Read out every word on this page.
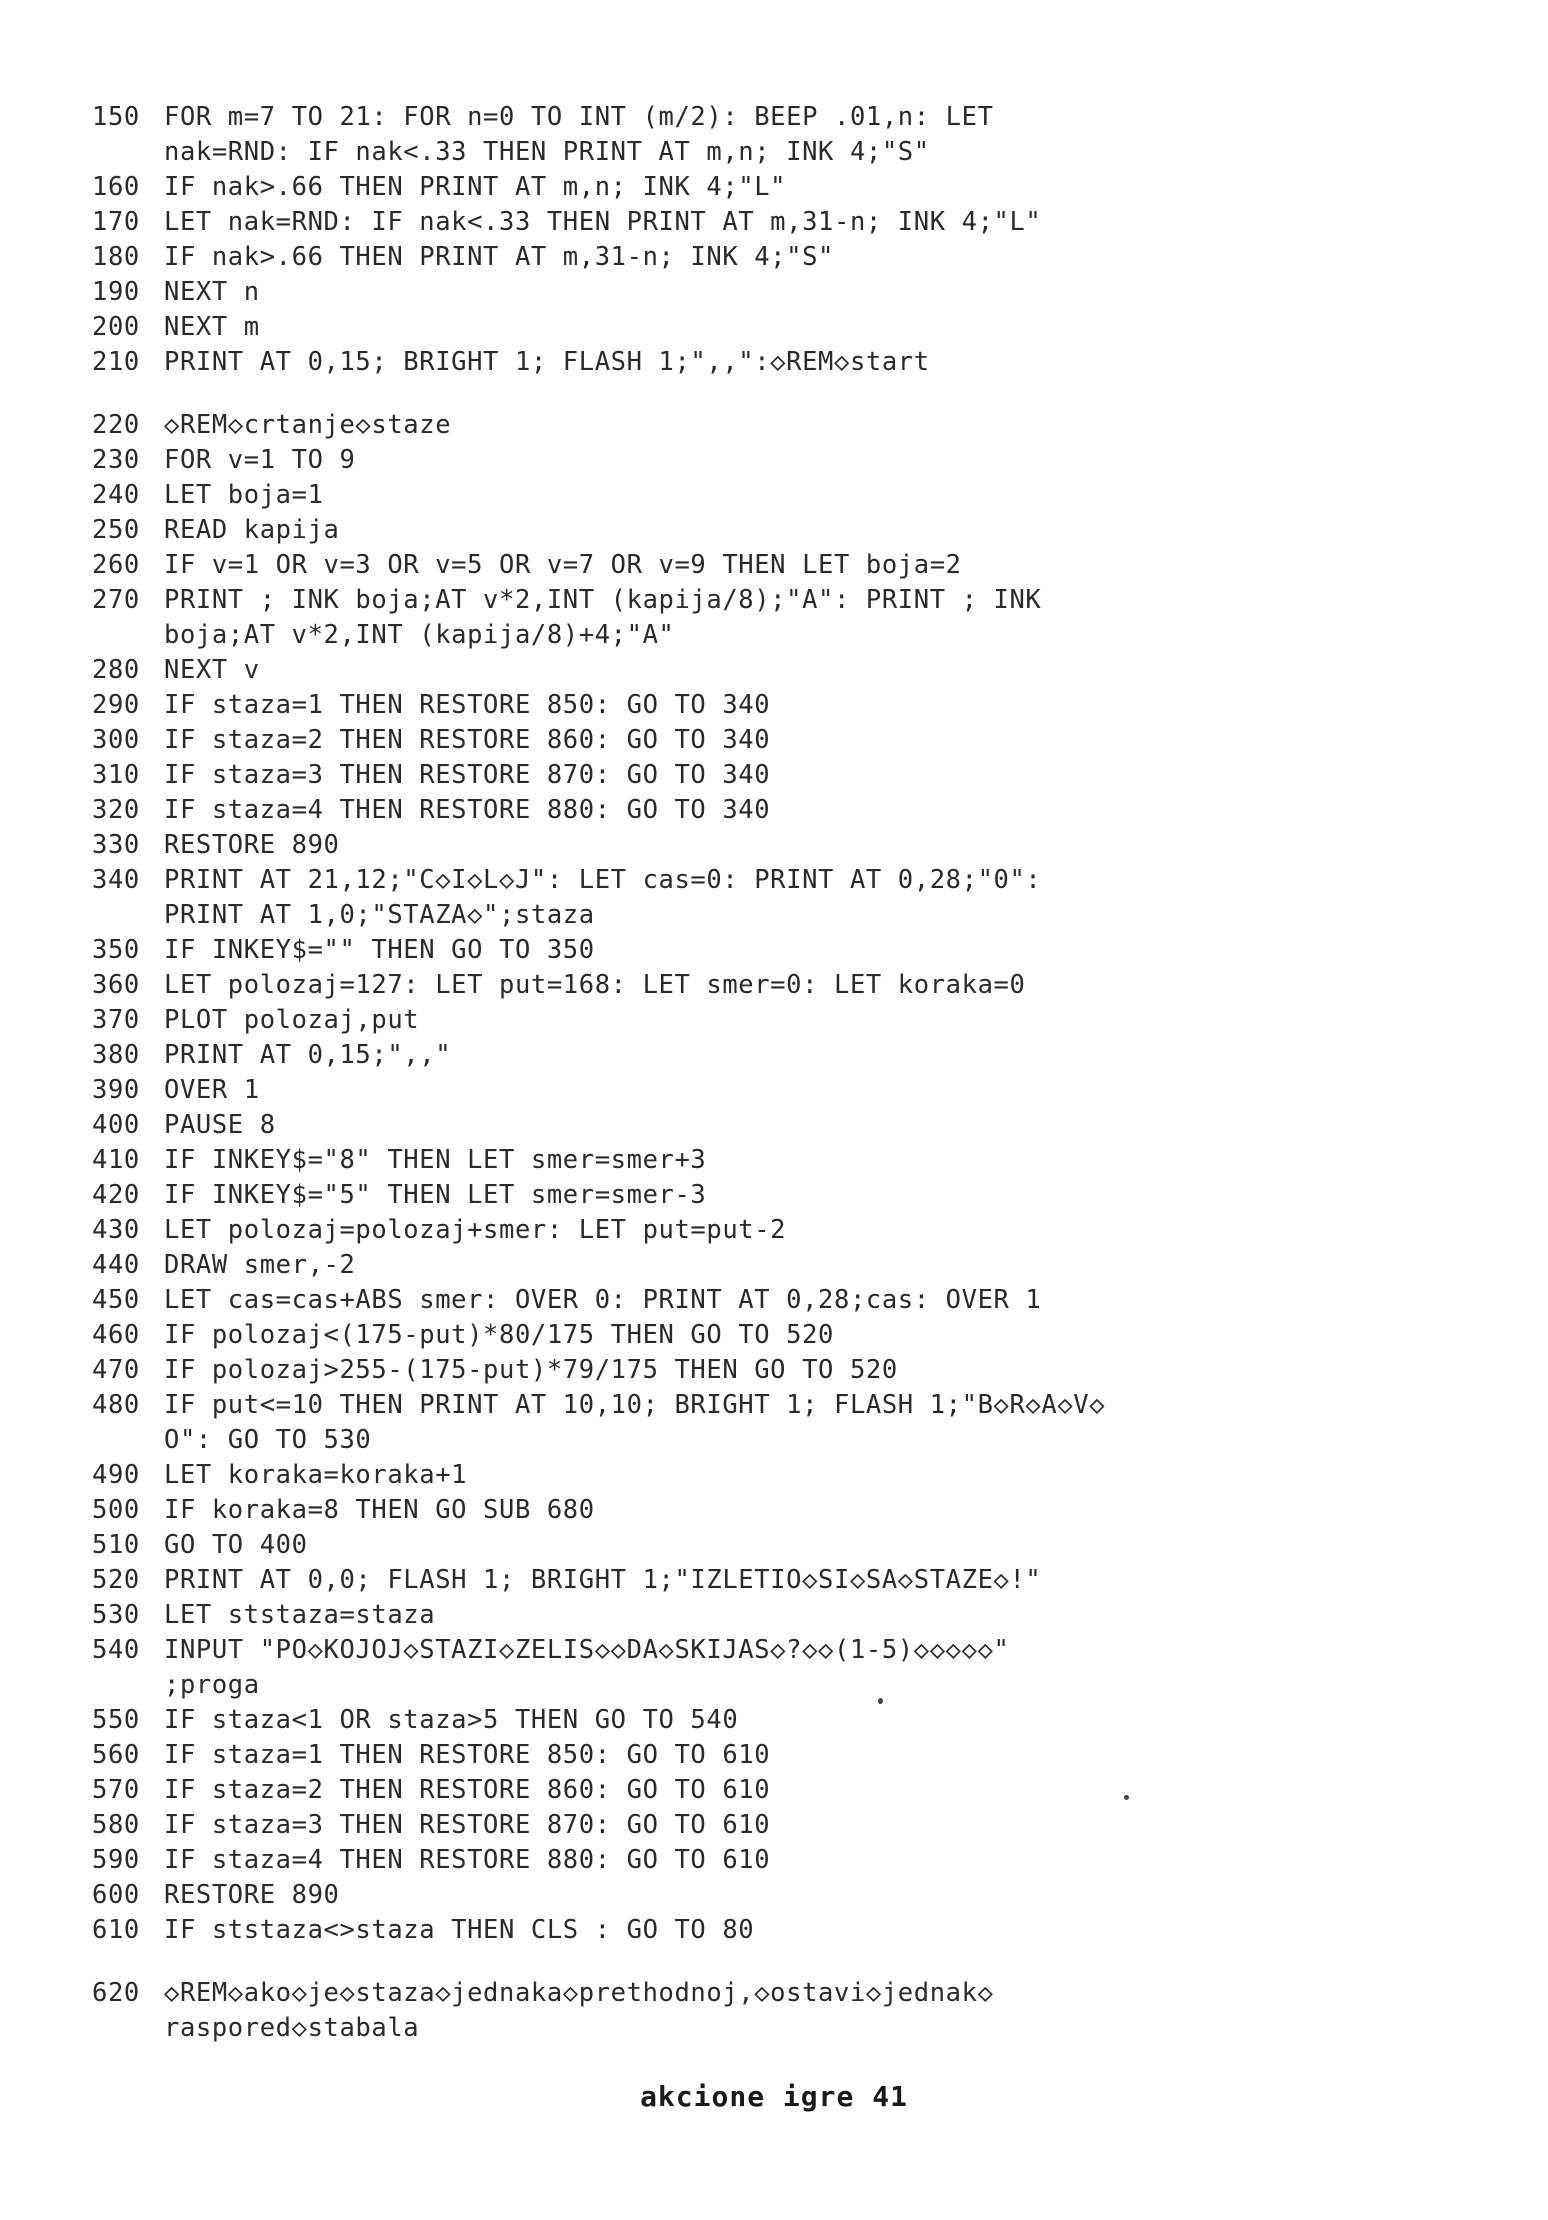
150 FOR m=7 TO 21: FOR n=0 TO INT (m/2): BEEP .01,n: LET
nak=RND: IF nak<.33 THEN PRINT AT m,n; INK 4;"S"
160 IF nak>.66 THEN PRINT AT m,n; INK 4;"L"
170 LET nak=RND: IF nak<.33 THEN PRINT AT m,31-n; INK 4;"L"
180 IF nak>.66 THEN PRINT AT m,31-n; INK 4;"S"
190 NEXT n
200 NEXT m
210 PRINT AT 0,15; BRIGHT 1; FLASH 1;",,":◇REM◇start
220 ◇REM◇crtanje◇staze
230 FOR v=1 TO 9
240 LET boja=1
250 READ kapija
260 IF v=1 OR v=3 OR v=5 OR v=7 OR v=9 THEN LET boja=2
270 PRINT ; INK boja;AT v*2,INT (kapija/8);"A": PRINT ; INK
boja;AT v*2,INT (kapija/8)+4;"A"
280 NEXT v
290 IF staza=1 THEN RESTORE 850: GO TO 340
300 IF staza=2 THEN RESTORE 860: GO TO 340
310 IF staza=3 THEN RESTORE 870: GO TO 340
320 IF staza=4 THEN RESTORE 880: GO TO 340
330 RESTORE 890
340 PRINT AT 21,12;"C◇I◇L◇J": LET cas=0: PRINT AT 0,28;"0":
PRINT AT 1,0;"STAZA◇";staza
350 IF INKEY$="" THEN GO TO 350
360 LET polozaj=127: LET put=168: LET smer=0: LET koraka=0
370 PLOT polozaj,put
380 PRINT AT 0,15;",,"
390 OVER 1
400 PAUSE 8
410 IF INKEY$="8" THEN LET smer=smer+3
420 IF INKEY$="5" THEN LET smer=smer-3
430 LET polozaj=polozaj+smer: LET put=put-2
440 DRAW smer,-2
450 LET cas=cas+ABS smer: OVER 0: PRINT AT 0,28;cas: OVER 1
460 IF polozaj<(175-put)*80/175 THEN GO TO 520
470 IF polozaj>255-(175-put)*79/175 THEN GO TO 520
480 IF put<=10 THEN PRINT AT 10,10; BRIGHT 1; FLASH 1;"B◇R◇A◇V◇
O": GO TO 530
490 LET koraka=koraka+1
500 IF koraka=8 THEN GO SUB 680
510 GO TO 400
520 PRINT AT 0,0; FLASH 1; BRIGHT 1;"IZLETIO◇SI◇SA◇STAZE◇!"
530 LET ststaza=staza
540 INPUT "PO◇KOJOJ◇STAZI◇ZELIS◇◇DA◇SKIJAS◇?◇◇(1-5)◇◇◇◇◇"
;proga
550 IF staza<1 OR staza>5 THEN GO TO 540
560 IF staza=1 THEN RESTORE 850: GO TO 610
570 IF staza=2 THEN RESTORE 860: GO TO 610
580 IF staza=3 THEN RESTORE 870: GO TO 610
590 IF staza=4 THEN RESTORE 880: GO TO 610
600 RESTORE 890
610 IF ststaza<>staza THEN CLS : GO TO 80
620 ◇REM◇ako◇je◇staza◇jednaka◇prethodnoj,◇ostavi◇jednak◇
raspored◇stabala
akcione igre 41
